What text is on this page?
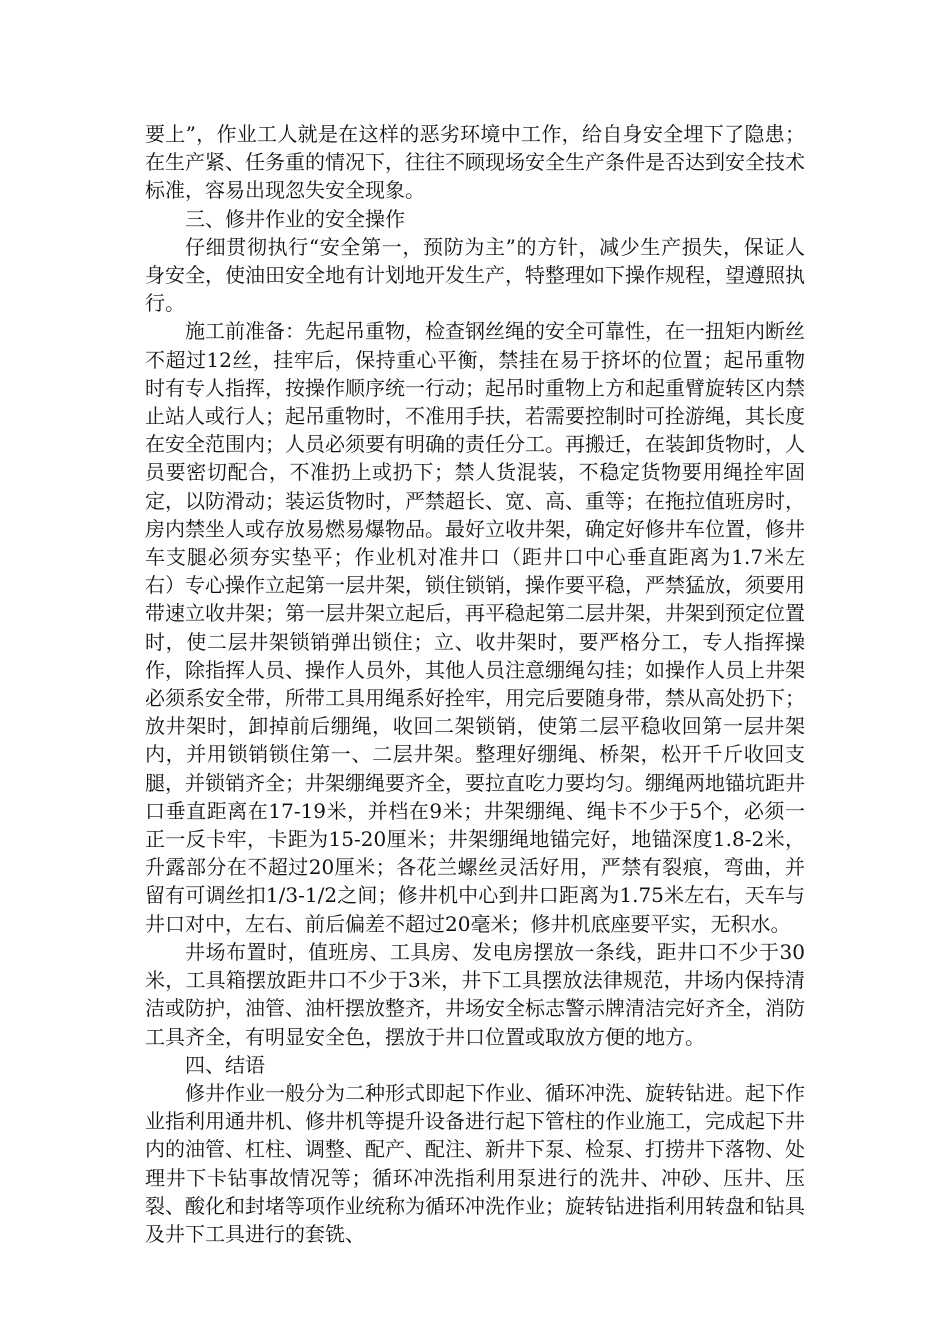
要上”，作业工人就是在这样的恶劣环境中工作，给自身安全埋下了隐患；在生产紧、任务重的情况下，往往不顾现场安全生产条件是否达到安全技术标准，容易出现忽失安全现象。

三、修井作业的安全操作

仔细贯彻执行“安全第一，预防为主”的方针，减少生产损失，保证人身安全，使油田安全地有计划地开发生产，特整理如下操作规程，望遵照执行。

施工前准备：先起吊重物，检查钢丝绳的安全可靠性，在一扭矩内断丝不超过12丝，挂牢后，保持重心平衡，禁挂在易于挤坏的位置；起吊重物时有专人指挥，按操作顺序统一行动；起吊时重物上方和起重臂旋转区内禁止站人或行人；起吊重物时，不准用手扶，若需要控制时可拴游绳，其长度在安全范围内；人员必须要有明确的责任分工。再搬迁，在装卸货物时，人员要密切配合，不准扔上或扔下；禁人货混装，不稳定货物要用绳拴牢固定，以防滑动；装运货物时，严禁超长、宽、高、重等；在拖拉值班房时，房内禁坐人或存放易燃易爆物品。最好立收井架，确定好修井车位置，修井车支腿必须夯实垫平；作业机对准井口（距井口中心垂直距离为1.7米左右）专心操作立起第一层井架，锁住锁销，操作要平稳，严禁猛放，须要用带速立收井架；第一层井架立起后，再平稳起第二层井架，井架到预定位置时，使二层井架锁销弹出锁住；立、收井架时，要严格分工，专人指挥操作，除指挥人员、操作人员外，其他人员注意绷绳勾挂；如操作人员上井架必须系安全带，所带工具用绳系好拴牢，用完后要随身带，禁从高处扔下；放井架时，卸掉前后绷绳，收回二架锁销，使第二层平稳收回第一层井架内，并用锁销锁住第一、二层井架。整理好绷绳、桥架，松开千斤收回支腿，并锁销齐全；井架绷绳要齐全，要拉直吃力要均匀。绷绳两地锚坑距井口垂直距离在17-19米，并档在9米；井架绷绳、绳卡不少于5个，必须一正一反卡牢，卡距为15-20厘米；井架绷绳地锚完好，地锚深度1.8-2米，升露部分在不超过20厘米；各花兰螺丝灵活好用，严禁有裂痕，弯曲，并留有可调丝扣1/3-1/2之间；修井机中心到井口距离为1.75米左右，天车与井口对中，左右、前后偏差不超过20毫米；修井机底座要平实，无积水。

井场布置时，值班房、工具房、发电房摆放一条线，距井口不少于30米，工具箱摆放距井口不少于3米，井下工具摆放法律规范，井场内保持清洁或防护，油管、油杆摆放整齐，井场安全标志警示牌清洁完好齐全，消防工具齐全，有明显安全色，摆放于井口位置或取放方便的地方。

四、结语

修井作业一般分为二种形式即起下作业、循环冲洗、旋转钻进。起下作业指利用通井机、修井机等提升设备进行起下管柱的作业施工，完成起下井内的油管、杠柱、调整、配产、配注、新井下泵、检泵、打捞井下落物、处理井下卡钻事故情况等；循环冲洗指利用泵进行的洗井、冲砂、压井、压裂、酸化和封堵等项作业统称为循环冲洗作业；旋转钻进指利用转盘和钻具及井下工具进行的套铣、
